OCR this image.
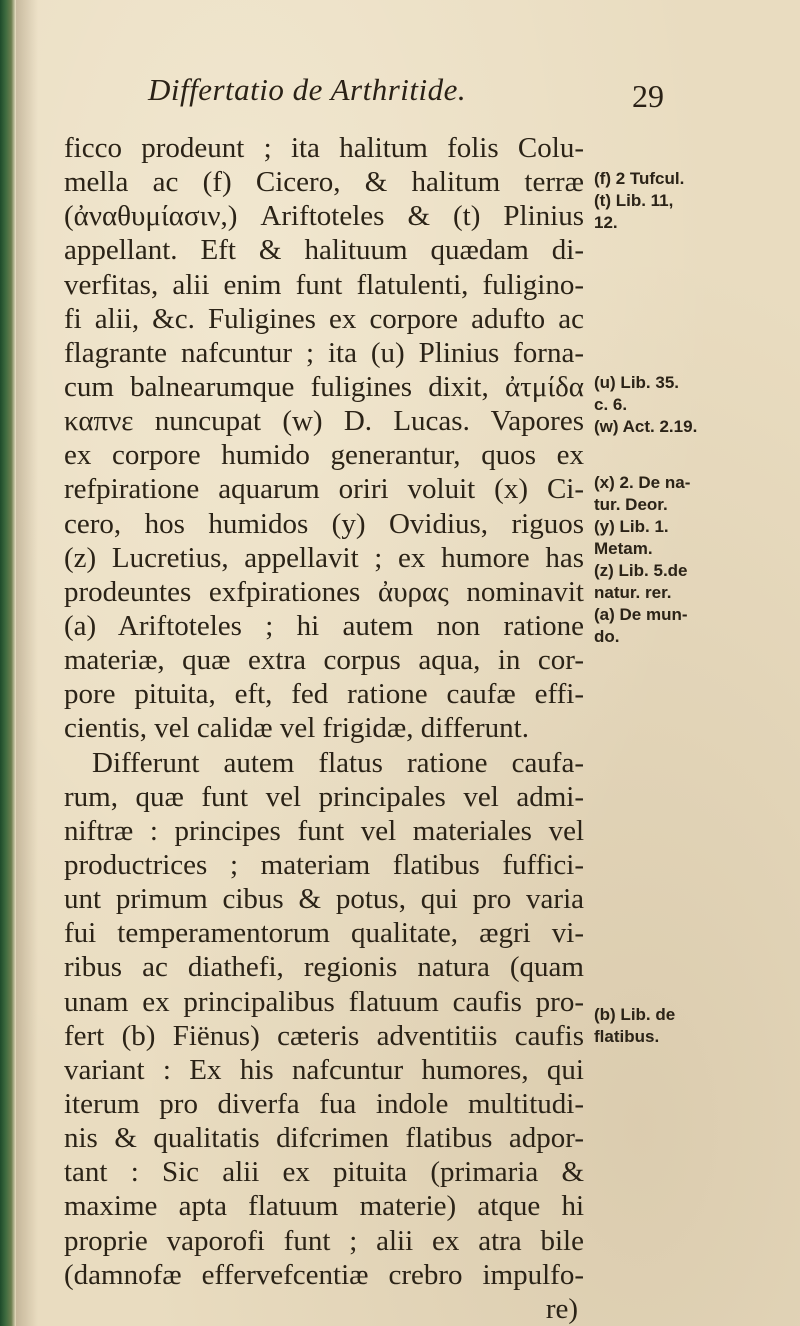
Differtatio de Arthritide.	29
ficco prodeunt ; ita halitum folis Colu-
mella ac (f) Cicero, & halitum terræ
(ἀναθυμίασιν,) Ariftoteles & (t) Plinius
appellant. Eft & halituum quædam di-
verfitas, alii enim funt flatulenti, fuligino-
fi alii, &c. Fuligines ex corpore adufto ac
flagrante nafcuntur ; ita (u) Plinius forna-
cum balnearumque fuligines dixit, ἀτμίδα
καπνε nuncupat (w) D. Lucas. Vapores
ex corpore humido generantur, quos ex
refpiratione aquarum oriri voluit (x) Ci-
cero, hos humidos (y) Ovidius, riguos
(z) Lucretius, appellavit ; ex humore has
prodeuntes exfpirationes ἀυρας nominavit
(a) Ariftoteles ; hi autem non ratione
materiæ, quæ extra corpus aqua, in cor-
pore pituita, eft, fed ratione caufæ effi-
cientis, vel calidæ vel frigidæ, differunt.
Differunt autem flatus ratione caufa-
rum, quæ funt vel principales vel admi-
niftræ : principes funt vel materiales vel
productrices ; materiam flatibus fuffici-
unt primum cibus & potus, qui pro varia
fui temperamentorum qualitate, ægri vi-
ribus ac diathefi, regionis natura (quam
unam ex principalibus flatuum caufis pro-
fert (b) Fiënus) cæteris adventitiis caufis
variant : Ex his nafcuntur humores, qui
iterum pro diverfa fua indole multitudi-
nis & qualitatis difcrimen flatibus adpor-
tant : Sic alii ex pituita (primaria &
maxime apta flatuum materie) atque hi
proprie vaporofi funt ; alii ex atra bile
(damnofæ effervefcentiæ crebro impulfo-
re)
(f) 2 Tufcul.
(t) Lib. 11,
12.
(u) Lib. 35.
c. 6.
(w) Act. 2.19.
(x) 2. De na-
tur. Deor.
(y) Lib. 1.
Metam.
(z) Lib. 5.de
natur. rer.
(a) De mun-
do.
(b) Lib. de
flatibus.
